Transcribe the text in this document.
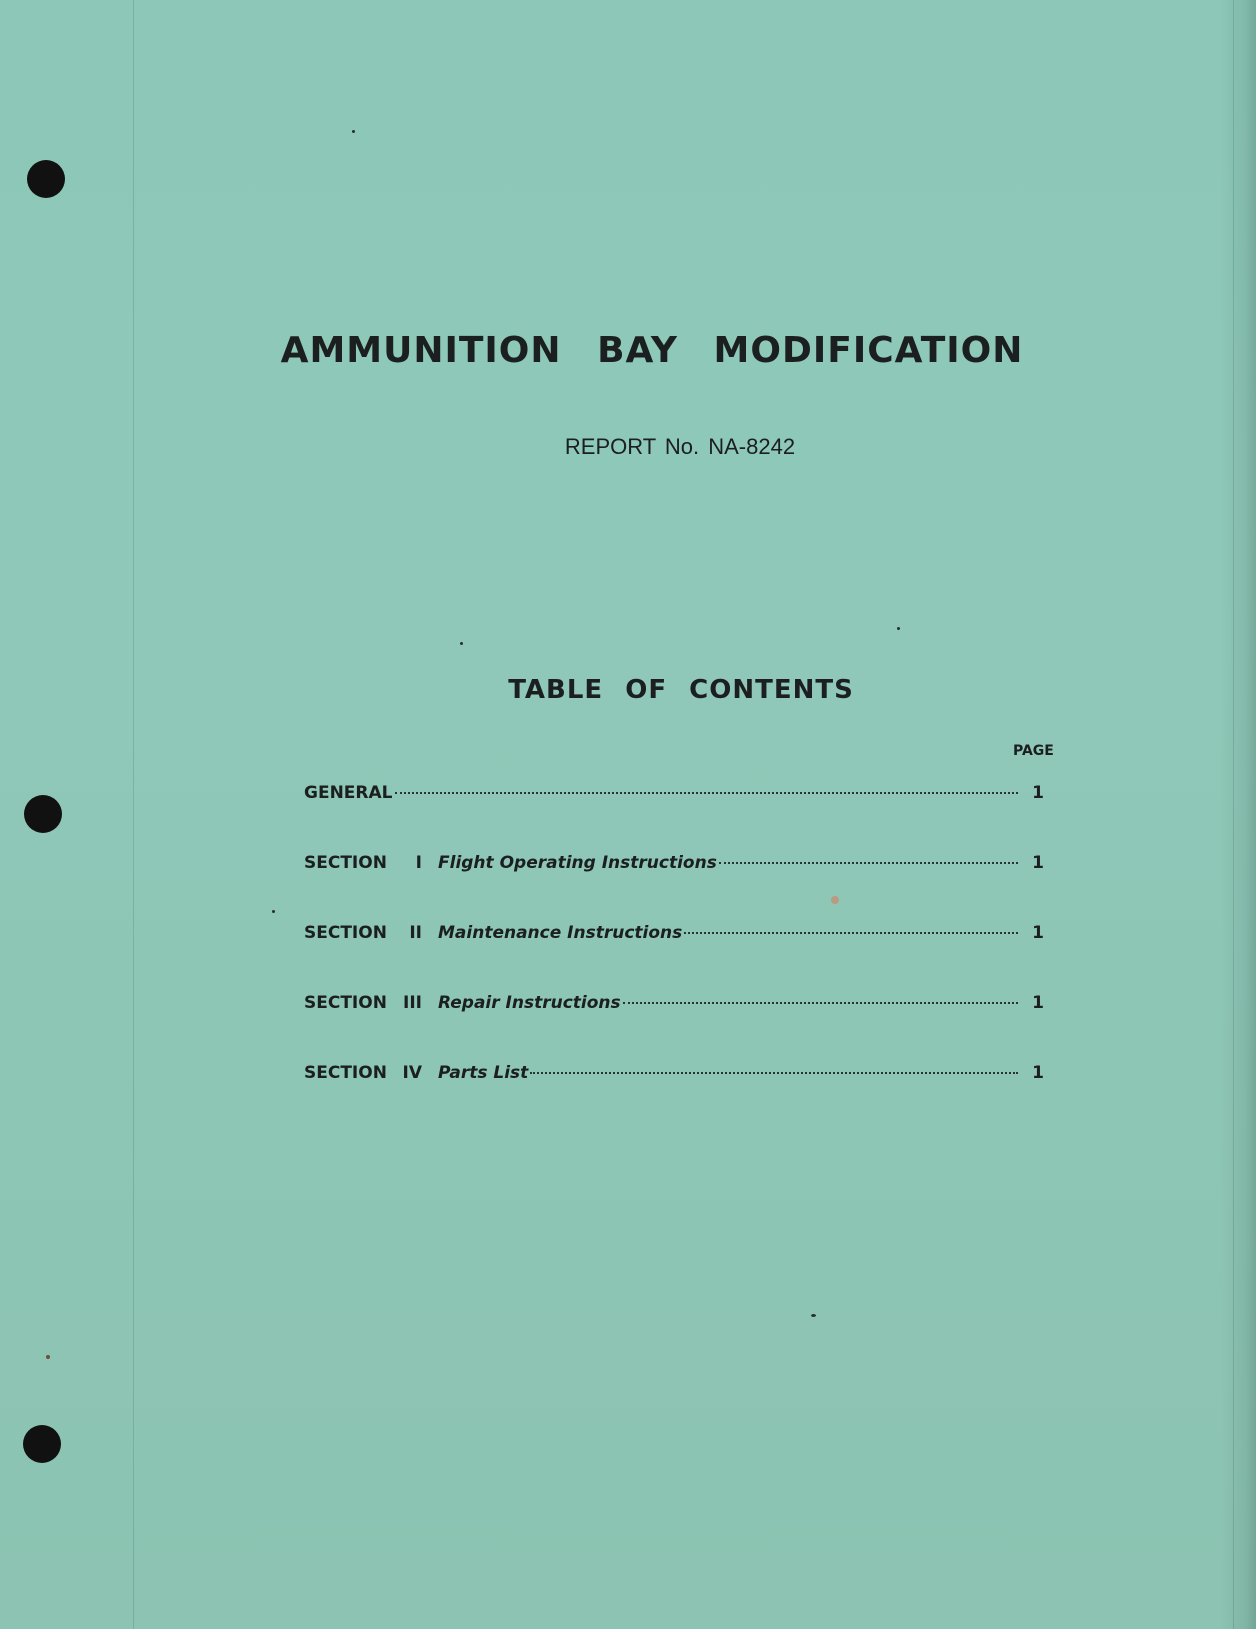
AMMUNITION BAY MODIFICATION
REPORT No. NA-8242
TABLE OF CONTENTS
PAGE
GENERAL	1
SECTION I Flight Operating Instructions	1
SECTION II Maintenance Instructions	1
SECTION III Repair Instructions	1
SECTION IV Parts List	1
